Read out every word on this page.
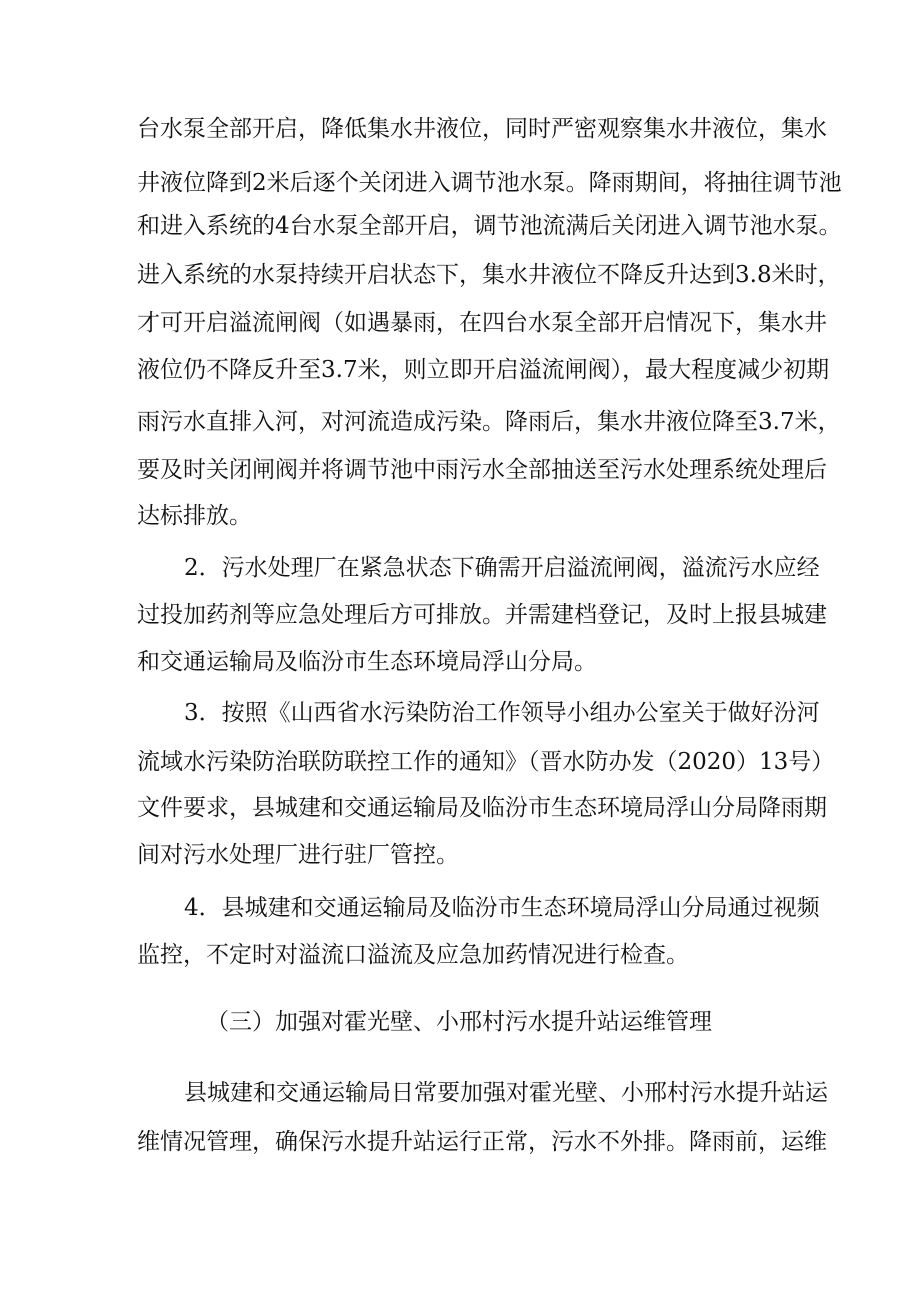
台水泵全部开启，降低集水井液位，同时严密观察集水井液位，集水
井液位降到2米后逐个关闭进入调节池水泵。降雨期间，将抽往调节池
和进入系统的4台水泵全部开启，调节池流满后关闭进入调节池水泵。
进入系统的水泵持续开启状态下，集水井液位不降反升达到3.8米时，
才可开启溢流闸阀（如遇暴雨，在四台水泵全部开启情况下，集水井
液位仍不降反升至3.7米，则立即开启溢流闸阀），最大程度减少初期
雨污水直排入河，对河流造成污染。降雨后，集水井液位降至3.7米，
要及时关闭闸阀并将调节池中雨污水全部抽送至污水处理系统处理后
达标排放。
2．污水处理厂在紧急状态下确需开启溢流闸阀，溢流污水应经
过投加药剂等应急处理后方可排放。并需建档登记，及时上报县城建
和交通运输局及临汾市生态环境局浮山分局。
3．按照《山西省水污染防治工作领导小组办公室关于做好汾河
流域水污染防治联防联控工作的通知》（晋水防办发（2020）13号）
文件要求，县城建和交通运输局及临汾市生态环境局浮山分局降雨期
间对污水处理厂进行驻厂管控。
4．县城建和交通运输局及临汾市生态环境局浮山分局通过视频
监控，不定时对溢流口溢流及应急加药情况进行检查。
（三）加强对霍光壁、小邢村污水提升站运维管理
县城建和交通运输局日常要加强对霍光壁、小邢村污水提升站运
维情况管理，确保污水提升站运行正常，污水不外排。降雨前，运维
